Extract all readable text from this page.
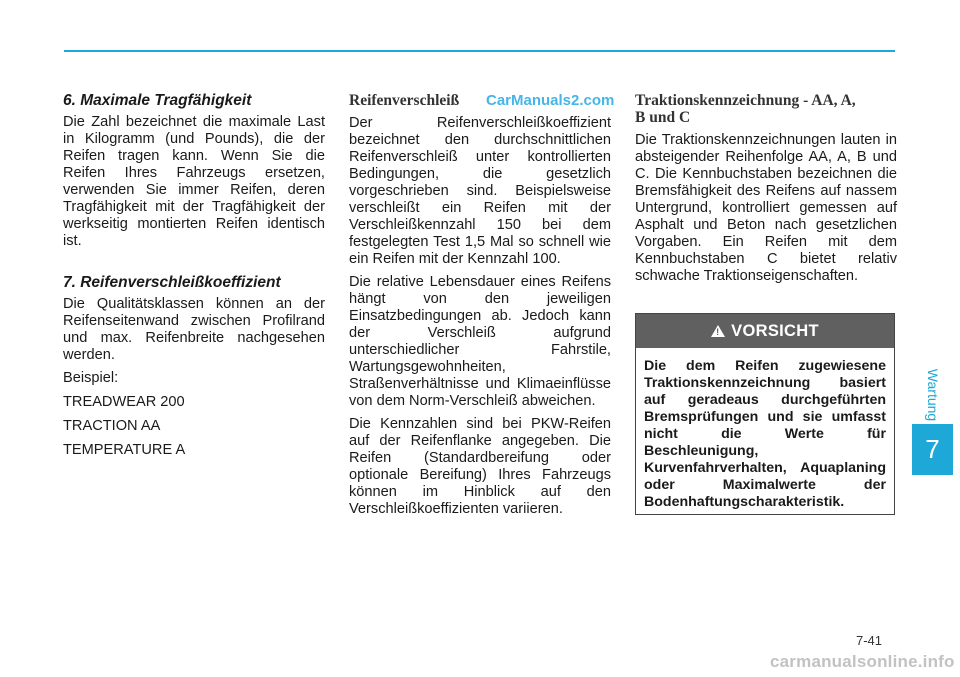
6. Maximale Tragfähigkeit

Die Zahl bezeichnet die maximale Last in Kilogramm (und Pounds), die der Reifen tragen kann. Wenn Sie die Reifen Ihres Fahrzeugs ersetzen, verwenden Sie immer Reifen, deren Tragfähigkeit mit der Tragfähigkeit der werkseitig montierten Reifen identisch ist.

7. Reifenverschleißkoeffizient

Die Qualitätsklassen können an der Reifenseitenwand zwischen Profilrand und max. Reifenbreite nachgesehen werden.

Beispiel:

TREADWEAR 200

TRACTION AA

TEMPERATURE A

Reifenverschleiß

Der Reifenverschleißkoeffizient bezeichnet den durchschnittlichen Reifenverschleiß unter kontrollierten Bedingungen, die gesetzlich vorgeschrieben sind. Beispielsweise verschleißt ein Reifen mit der Verschleißkennzahl 150 bei dem festgelegten Test 1,5 Mal so schnell wie ein Reifen mit der Kennzahl 100.

Die relative Lebensdauer eines Reifens hängt von den jeweiligen Einsatzbedingungen ab. Jedoch kann der Verschleiß aufgrund unterschiedlicher Fahrstile, Wartungsgewohnheiten, Straßenverhältnisse und Klimaeinflüsse von dem Norm-Verschleiß abweichen.

Die Kennzahlen sind bei PKW-Reifen auf der Reifenflanke angegeben. Die Reifen (Standardbereifung oder optionale Bereifung) Ihres Fahrzeugs können im Hinblick auf den Verschleißkoeffizienten variieren.

CarManuals2.com Traktionskennzeichnung - AA, A,
B und C

Die Traktionskennzeichnungen lauten in absteigender Reihenfolge AA, A, B und C. Die Kennbuchstaben bezeichnen die Bremsfähigkeit des Reifens auf nassem Untergrund, kontrolliert gemessen auf Asphalt und Beton nach gesetzlichen Vorgaben. Ein Reifen mit dem Kennbuchstaben C bietet relativ schwache Traktionseigenschaften.

!
VORSICHT
Die dem Reifen zugewiesene Traktionskennzeichnung basiert auf geradeaus durchgeführten Bremsprüfungen und sie umfasst nicht die Werte für Beschleunigung, Kurvenfahrverhalten, Aquaplaning oder Maximalwerte der Bodenhaftungscharakteristik.
Wartung
7
7-41
carmanualsonline.info
